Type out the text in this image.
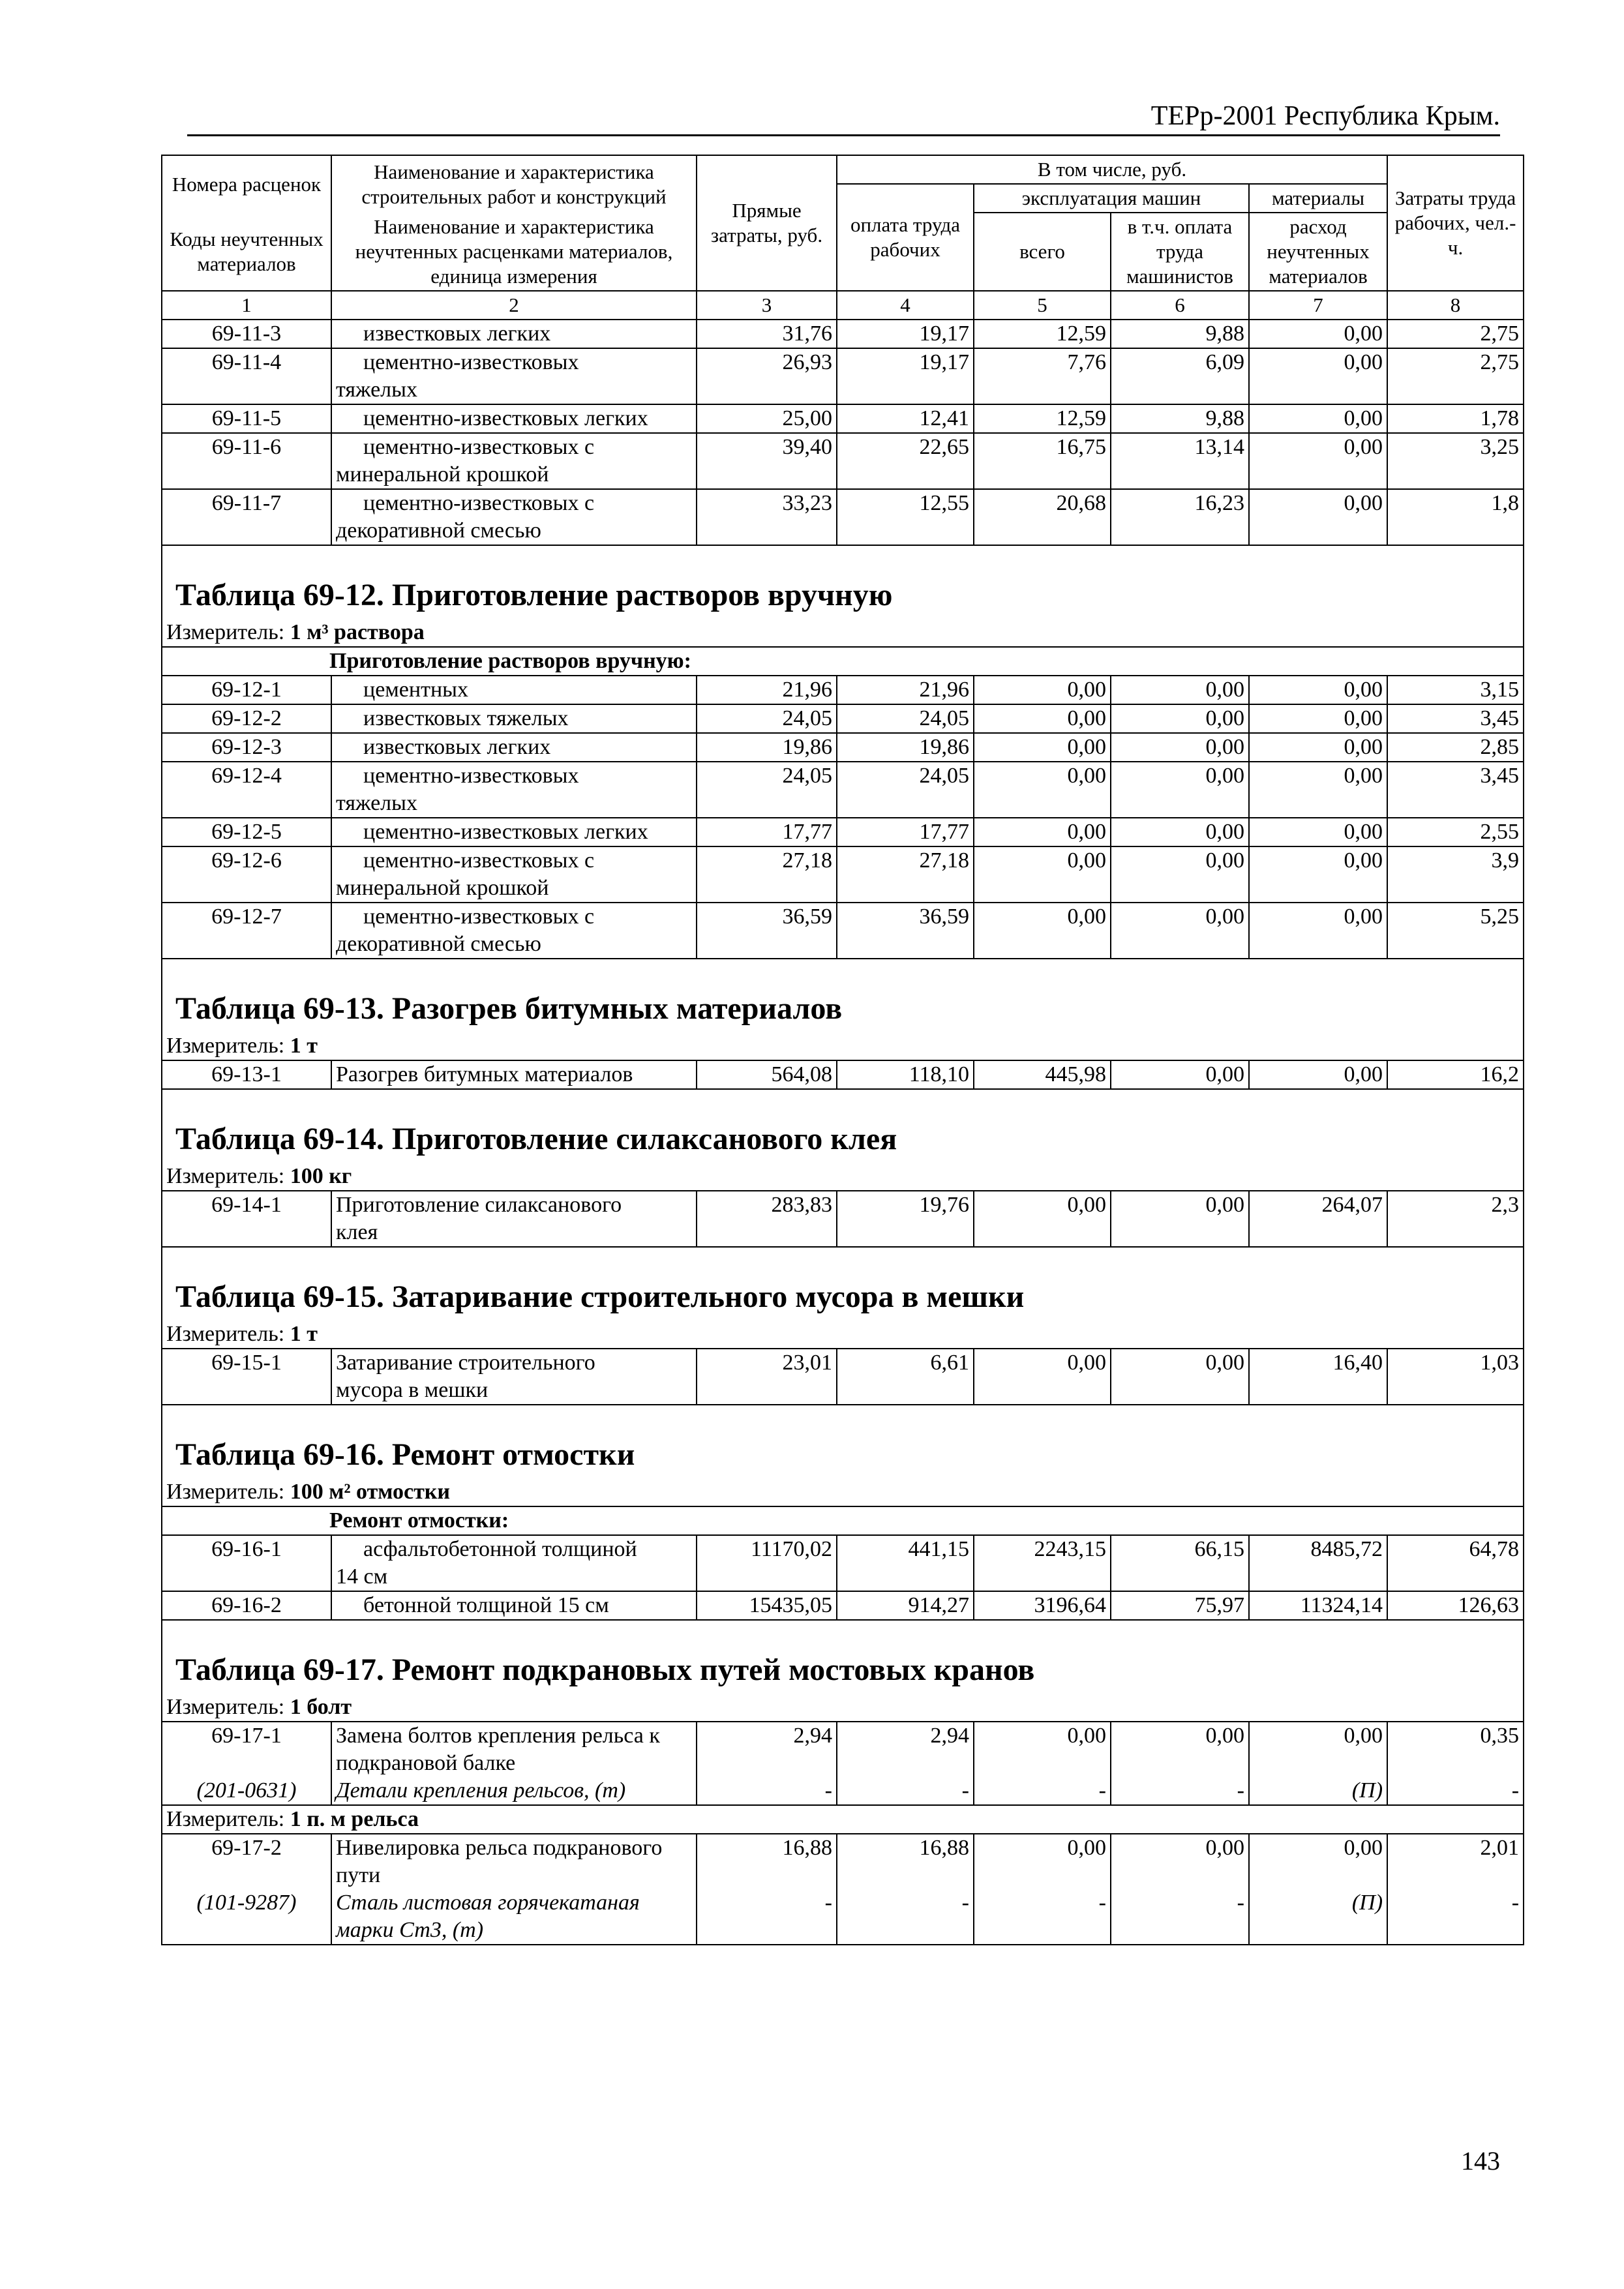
ТЕРр-2001 Республика Крым.
Номера расценок	Наименование и характеристика строительных работ и конструкций	Прямые затраты, руб.	В том числе, руб.				Затраты труда рабочих, чел.-ч.
			оплата труда рабочих	эксплуатация машин		материалы	
Коды неучтенных материалов	Наименование и характеристика неучтенных расценками материалов, единица измерения			всего	в т.ч. оплата труда машинистов	расход неучтенных материалов	

1	2	3	4	5	6	7	8
69-11-3	известковых легких	31,76	19,17	12,59	9,88	0,00	2,75
69-11-4	цементно-известковых
тяжелых	26,93	19,17	7,76	6,09	0,00	2,75
69-11-5	цементно-известковых легких	25,00	12,41	12,59	9,88	0,00	1,78
69-11-6	цементно-известковых с
минеральной крошкой	39,40	22,65	16,75	13,14	0,00	3,25
69-11-7	цементно-известковых с
декоративной смесью	33,23	12,55	20,68	16,23	0,00	1,8

Таблица 69-12. Приготовление растворов вручную							

Измеритель: 1 м³ раствора							
Приготовление растворов вручную:							
69-12-1	цементных	21,96	21,96	0,00	0,00	0,00	3,15
69-12-2	известковых тяжелых	24,05	24,05	0,00	0,00	0,00	3,45
69-12-3	известковых легких	19,86	19,86	0,00	0,00	0,00	2,85
69-12-4	цементно-известковых
тяжелых	24,05	24,05	0,00	0,00	0,00	3,45
69-12-5	цементно-известковых легких	17,77	17,77	0,00	0,00	0,00	2,55
69-12-6	цементно-известковых с
минеральной крошкой	27,18	27,18	0,00	0,00	0,00	3,9
69-12-7	цементно-известковых с
декоративной смесью	36,59	36,59	0,00	0,00	0,00	5,25

Таблица 69-13. Разогрев битумных материалов							

Измеритель: 1 т							
69-13-1	Разогрев битумных материалов	564,08	118,10	445,98	0,00	0,00	16,2

Таблица 69-14. Приготовление силаксанового клея							

Измеритель: 100 кг							
69-14-1	Приготовление силаксанового
клея	283,83	19,76	0,00	0,00	264,07	2,3

Таблица 69-15. Затаривание строительного мусора в мешки							

Измеритель: 1 т							
69-15-1	Затаривание строительного
мусора в мешки	23,01	6,61	0,00	0,00	16,40	1,03

Таблица 69-16. Ремонт отмостки							

Измеритель: 100 м² отмостки							
Ремонт отмостки:							
69-16-1	асфальтобетонной толщиной
14 см	11170,02	441,15	2243,15	66,15	8485,72	64,78
69-16-2	бетонной толщиной 15 см	15435,05	914,27	3196,64	75,97	11324,14	126,63

Таблица 69-17. Ремонт подкрановых путей мостовых кранов							

Измеритель: 1 болт							
69-17-1	Замена болтов крепления рельса к
подкрановой балке	2,94	2,94	0,00	0,00	0,00	0,35
(201-0631)	Детали крепления рельсов, (т)	-	-	-	-	(П)	-
Измеритель: 1 п. м рельса							
69-17-2	Нивелировка рельса подкранового
пути	16,88	16,88	0,00	0,00	0,00	2,01
(101-9287)	Сталь листовая горячекатаная
марки Ст3, (т)	-	-	-	-	(П)	-
143
